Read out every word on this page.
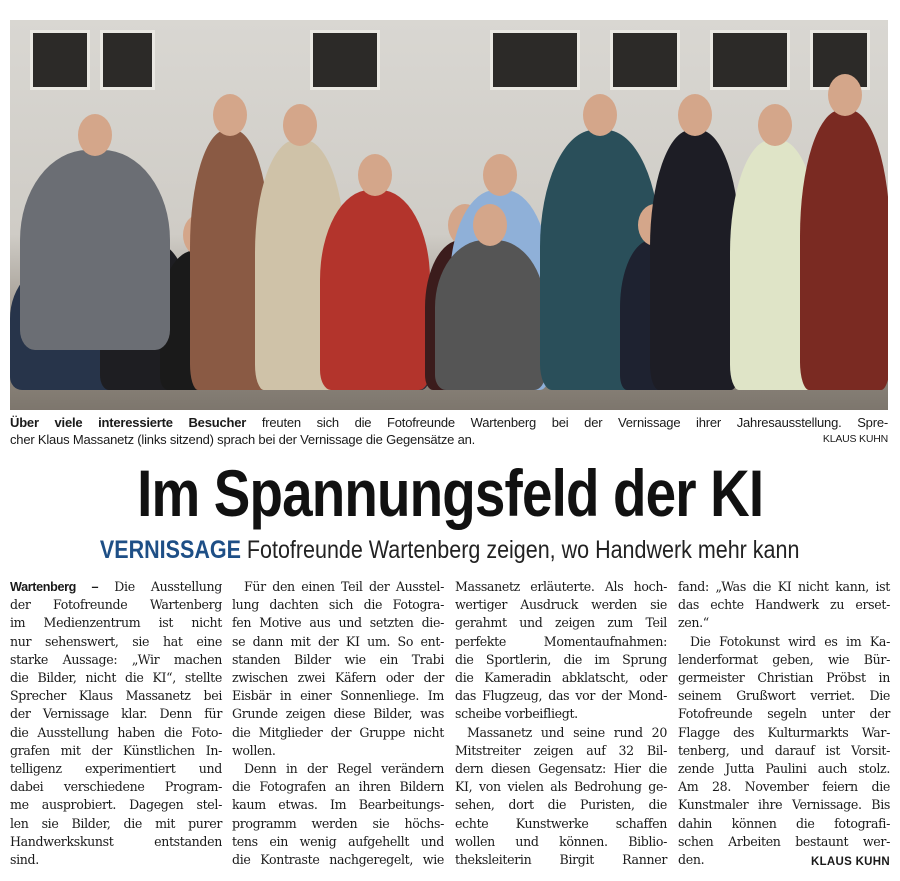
Über viele interessierte Besucher freuten sich die Fotofreunde Wartenberg bei der Vernissage ihrer Jahresausstellung. Spre-
cher Klaus Massanetz (links sitzend) sprach bei der Vernissage die Gegensätze an.	KLAUS KUHN
Im Spannungsfeld der KI
VERNISSAGE Fotofreunde Wartenberg zeigen, wo Handwerk mehr kann
Wartenberg – Die Ausstellung
der Fotofreunde Wartenberg
im Medienzentrum ist nicht
nur sehenswert, sie hat eine
starke Aussage: „Wir machen
die Bilder, nicht die KI“, stellte
Sprecher Klaus Massanetz bei
der Vernissage klar. Denn für
die Ausstellung haben die Foto-
grafen mit der Künstlichen In-
telligenz experimentiert und
dabei verschiedene Program-
me ausprobiert. Dagegen stel-
len sie Bilder, die mit purer
Handwerkskunst entstanden
sind.
Für den einen Teil der Ausstel-
lung dachten sich die Fotogra-
fen Motive aus und setzten die-
se dann mit der KI um. So ent-
standen Bilder wie ein Trabi
zwischen zwei Käfern oder der
Eisbär in einer Sonnenliege. Im
Grunde zeigen diese Bilder, was
die Mitglieder der Gruppe nicht
wollen.
Denn in der Regel verändern
die Fotografen an ihren Bildern
kaum etwas. Im Bearbeitungs-
programm werden sie höchs-
tens ein wenig aufgehellt und
die Kontraste nachgeregelt, wie
Massanetz erläuterte. Als hoch-
wertiger Ausdruck werden sie
gerahmt und zeigen zum Teil
perfekte Momentaufnahmen:
die Sportlerin, die im Sprung
die Kameradin abklatscht, oder
das Flugzeug, das vor der Mond-
scheibe vorbeifliegt.
Massanetz und seine rund 20
Mitstreiter zeigen auf 32 Bil-
dern diesen Gegensatz: Hier die
KI, von vielen als Bedrohung ge-
sehen, dort die Puristen, die
echte Kunstwerke schaffen
wollen und können. Biblio-
theksleiterin Birgit Ranner
fand: „Was die KI nicht kann, ist
das echte Handwerk zu erset-
zen.“
Die Fotokunst wird es im Ka-
lenderformat geben, wie Bür-
germeister Christian Pröbst in
seinem Grußwort verriet. Die
Fotofreunde segeln unter der
Flagge des Kulturmarkts War-
tenberg, und darauf ist Vorsit-
zende Jutta Paulini auch stolz.
Am 28. November feiern die
Kunstmaler ihre Vernissage. Bis
dahin können die fotografi-
schen Arbeiten bestaunt wer-
den.	KLAUS KUHN
